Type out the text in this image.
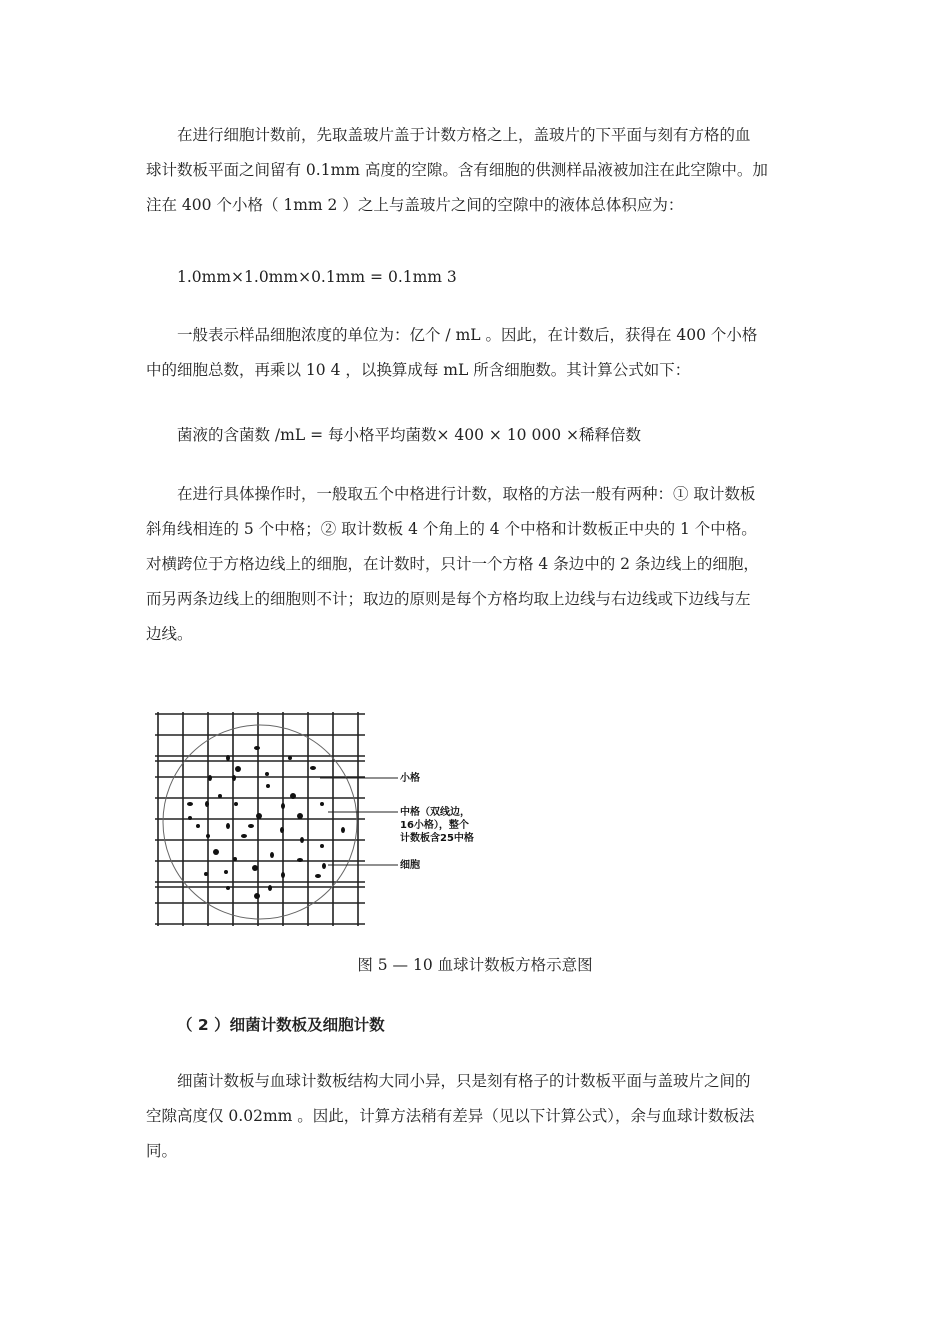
在进行细胞计数前，先取盖玻片盖于计数方格之上，盖玻片的下平面与刻有方格的血
球计数板平面之间留有 0.1mm 高度的空隙。含有细胞的供测样品液被加注在此空隙中。加
注在 400 个小格（ 1mm 2 ）之上与盖玻片之间的空隙中的液体总体积应为：

1.0mm×1.0mm×0.1mm = 0.1mm 3

一般表示样品细胞浓度的单位为：亿个 / mL 。因此，在计数后，获得在 400 个小格
中的细胞总数，再乘以 10 4 ，以换算成每 mL 所含细胞数。其计算公式如下：

菌液的含菌数 /mL = 每小格平均菌数× 400 × 10 000 ×稀释倍数

在进行具体操作时，一般取五个中格进行计数，取格的方法一般有两种：① 取计数板
斜角线相连的 5 个中格；② 取计数板 4 个角上的 4 个中格和计数板正中央的 1 个中格。
对横跨位于方格边线上的细胞，在计数时，只计一个方格 4 条边中的 2 条边线上的细胞，
而另两条边线上的细胞则不计；取边的原则是每个方格均取上边线与右边线或下边线与左
边线。

小格
中格（双线边，
16小格），整个
计数板含25中格
细胞
图 5 — 10 血球计数板方格示意图
（ 2 ）细菌计数板及细胞计数

细菌计数板与血球计数板结构大同小异，只是刻有格子的计数板平面与盖玻片之间的
空隙高度仅 0.02mm 。因此，计算方法稍有差异（见以下计算公式），余与血球计数板法
同。
